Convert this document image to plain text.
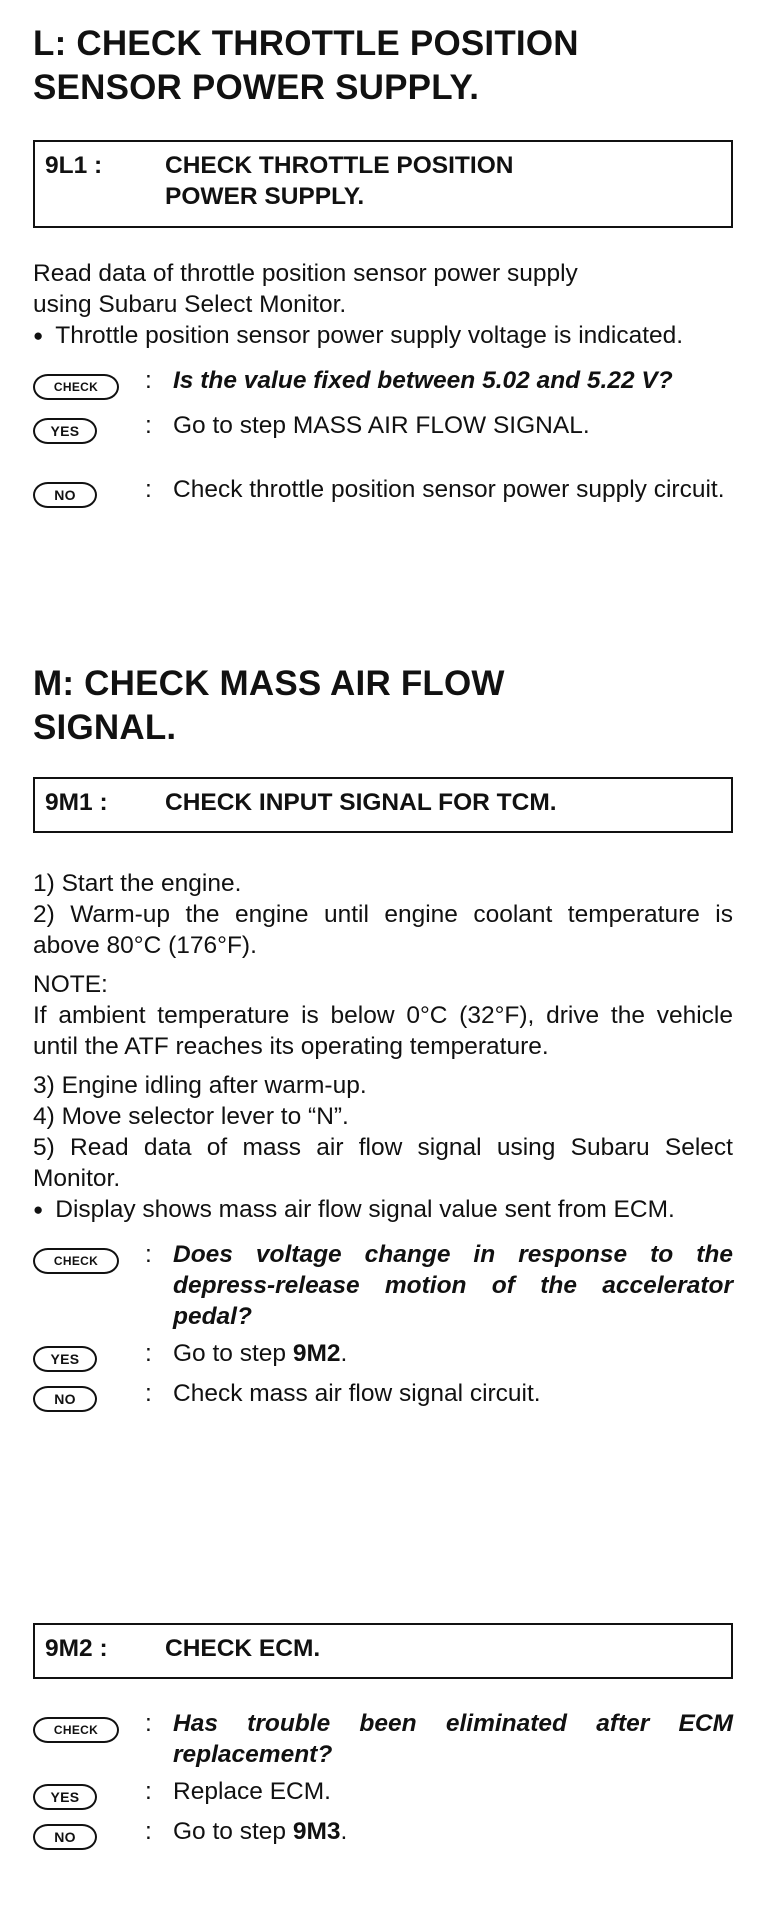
L: CHECK THROTTLE POSITION
SENSOR POWER SUPPLY.
9L1 :	CHECK THROTTLE POSITION
POWER SUPPLY.

Read data of throttle position sensor power supply
using Subaru Select Monitor.

● Throttle position sensor power supply voltage is indicated.

CHECK	: Is the value fixed between 5.02 and 5.22 V?
YES	: Go to step MASS AIR FLOW SIGNAL.
NO	: Check throttle position sensor power supply circuit.
M: CHECK MASS AIR FLOW
SIGNAL.
9M1 :	CHECK INPUT SIGNAL FOR TCM.

1) Start the engine.

2) Warm-up the engine until engine coolant temperature is above 80°C (176°F).

NOTE:

If ambient temperature is below 0°C (32°F), drive the vehicle until the ATF reaches its operating temperature.

3) Engine idling after warm-up.

4) Move selector lever to “N”.

5) Read data of mass air flow signal using Subaru Select Monitor.

● Display shows mass air flow signal value sent from ECM.

CHECK	: Does voltage change in response to the depress-release motion of the accelerator pedal?
YES	: Go to step 9M2.
NO	: Check mass air flow signal circuit.
9M2 :	CHECK ECM.
CHECK	: Has trouble been eliminated after ECM replacement?
YES	: Replace ECM.
NO	: Go to step 9M3.
